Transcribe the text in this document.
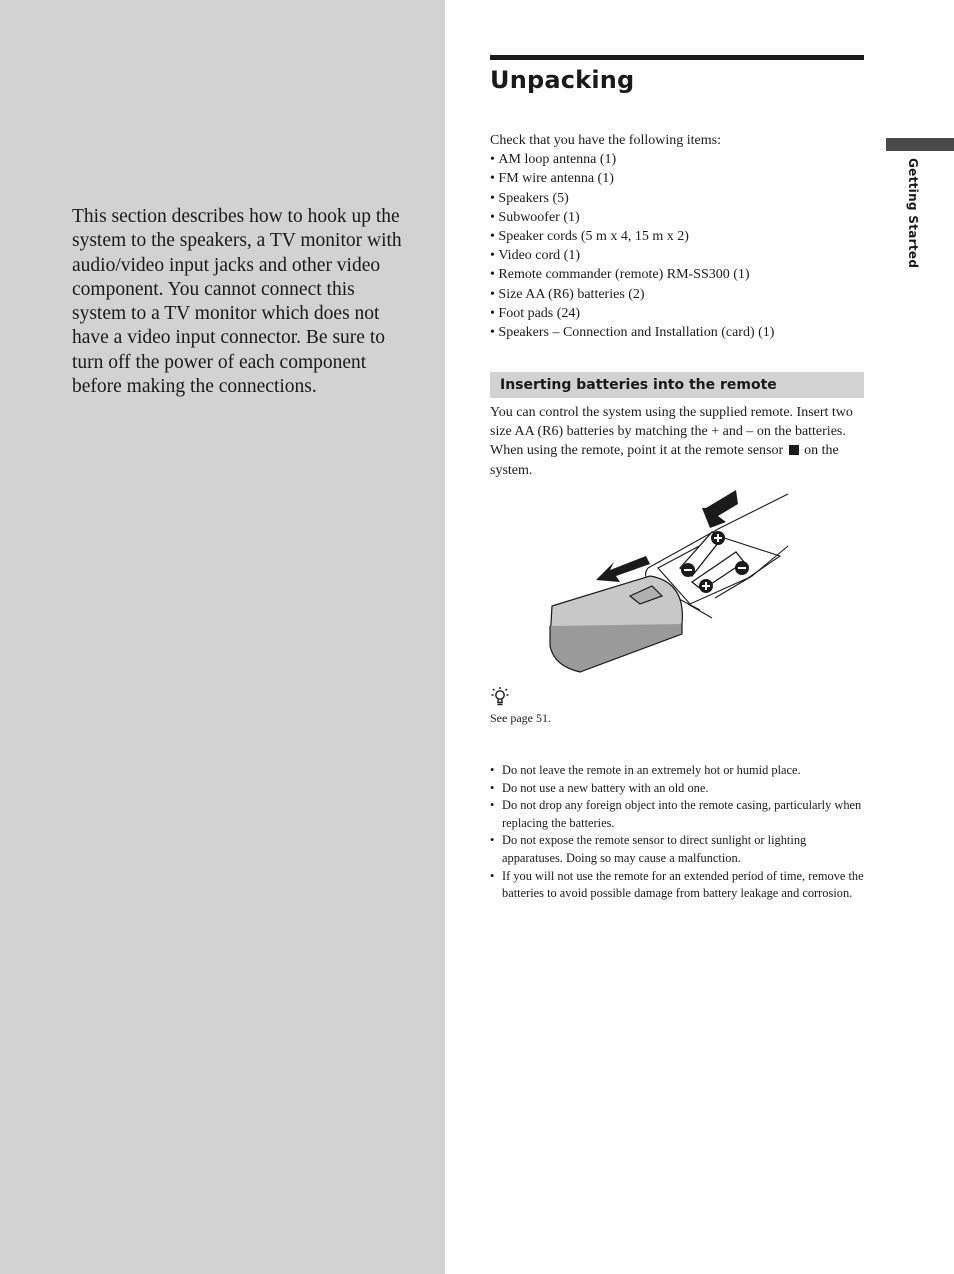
This section describes how to hook up the system to the speakers, a TV monitor with audio/video input jacks and other video component. You cannot connect this system to a TV monitor which does not have a video input connector. Be sure to turn off the power of each component before making the connections.

Unpacking
Getting Started
Check that you have the following items:
• AM loop antenna (1)
• FM wire antenna (1)
• Speakers (5)
• Subwoofer (1)
• Speaker cords (5 m x 4, 15 m x 2)
• Video cord (1)
• Remote commander (remote) RM-SS300 (1)
• Size AA (R6) batteries (2)
• Foot pads (24)
• Speakers – Connection and Installation (card) (1)
Inserting batteries into the remote

You can control the system using the supplied remote. Insert two size AA (R6) batteries by matching the + and – on the batteries. When using the remote, point it at the remote sensor on the system.

See page 51.

• Do not leave the remote in an extremely hot or humid place.
• Do not use a new battery with an old one.
• Do not drop any foreign object into the remote casing, particularly when replacing the batteries.
• Do not expose the remote sensor to direct sunlight or lighting apparatuses. Doing so may cause a malfunction.
• If you will not use the remote for an extended period of time, remove the batteries to avoid possible damage from battery leakage and corrosion.
